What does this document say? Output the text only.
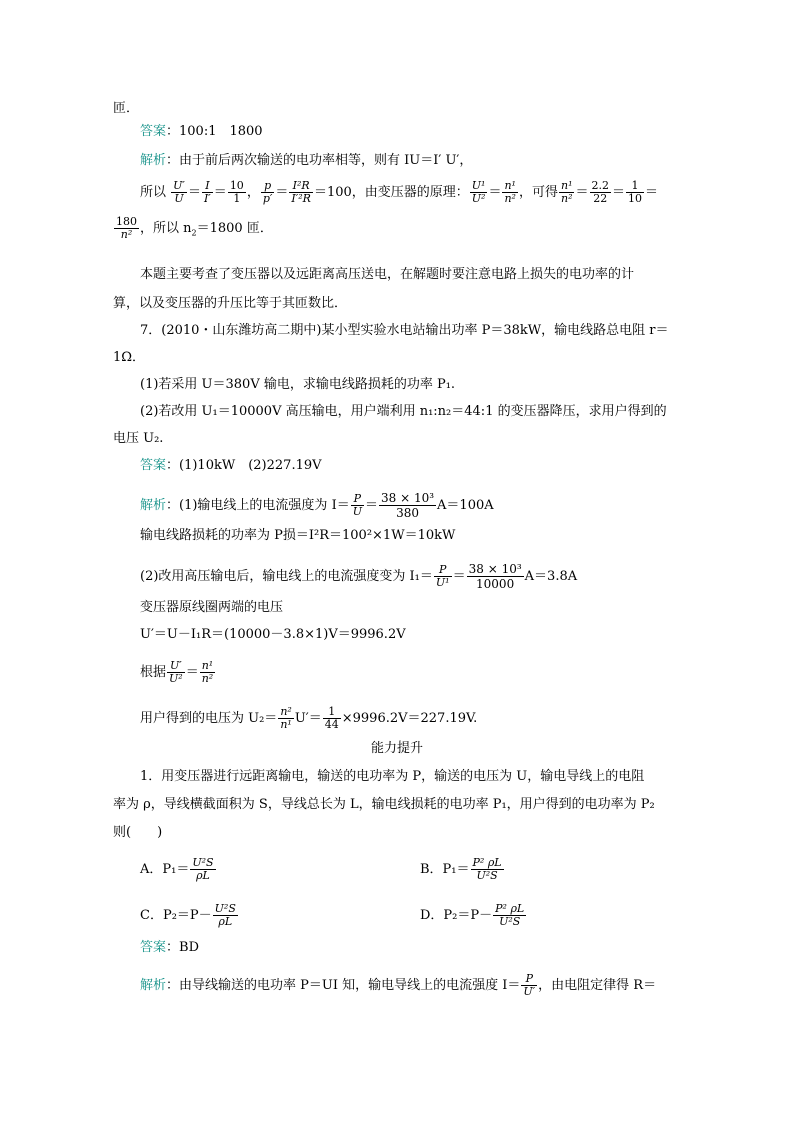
匝．
答案：100:1　1800
解析：由于前后两次输送的电功率相等，则有 IU＝I′ U′，
所以 $\frac{U'}{U} = \frac{I}{I'} = \frac{10}{1}$ ， $\frac{p}{p'} = \frac{\text{I²R}}{\text{I′²R}} =100$，由变压器的原理： $\frac{\text{U¹}}{\text{U²}} = \frac{\text{n¹}}{\text{n²}}$ ，可得 $\frac{\text{n¹}}{\text{n²}} = \frac{2.2}{22} = \frac{1}{10}$ ＝
$\frac{180}{\text{n²}}$ ，所以 $n_2=1800$ 匝．
本题主要考查了变压器以及远距离高压送电，在解题时要注意电路上损失的电功率的计
算，以及变压器的升压比等于其匝数比．
7．(2010・山东潍坊高二期中)某小型实验水电站输出功率 P＝38kW，输电线路总电阻 r＝
1Ω．
(1)若采用 U＝380V 输电，求输电线路损耗的功率 P₁.
(2)若改用 U₁＝10000V 高压输电，用户端利用 n₁:n₂＝44:1 的变压器降压，求用户得到的
电压 U₂.
答案：(1)10kW　(2)227.19V
解析：(1)输电线上的电流强度为 $I= \frac{P}{U} = \frac{\text{38 × 10³}}{380} A=100A$
输电线路损耗的功率为 P损＝I²R＝100²×1W＝10kW
(2)改用高压输电后，输电线上的电流强度变为 $I_1= \frac{P}{\text{U¹}} = \frac{\text{38 × 10³}}{10000} A=3.8A$
变压器原线圈两端的电压
U′＝U－I₁R＝(10000－3.8×1)V＝9996.2V
根据 $\frac{U'}{\text{U²}} = \frac{\text{n¹}}{\text{n²}}$
用户得到的电压为 $U_2= \frac{\text{n²}}{\text{n¹}} U'= \frac{1}{44} \times 9996.2V=227.19V$.
能力提升
1．用变压器进行远距离输电，输送的电功率为 P，输送的电压为 U，输电导线上的电阻
率为 ρ，导线横截面积为 S，导线总长为 L，输电线损耗的电功率 P₁，用户得到的电功率为 P₂
则(　　)
A．$P_1= \frac{\text{U²S}}{\rho L}$	B．$P_1= \frac{\text{P² ρL}}{\text{U²S}}$
C．$P_2=P- \frac{\text{U²S}}{\rho L}$	D．$P_2=P- \frac{\text{P² ρL}}{\text{U²S}}$
答案：BD
解析：由导线输送的电功率 P＝UI 知，输电导线上的电流强度 $I= \frac{P}{U'}$ ，由电阻定律得 R＝
